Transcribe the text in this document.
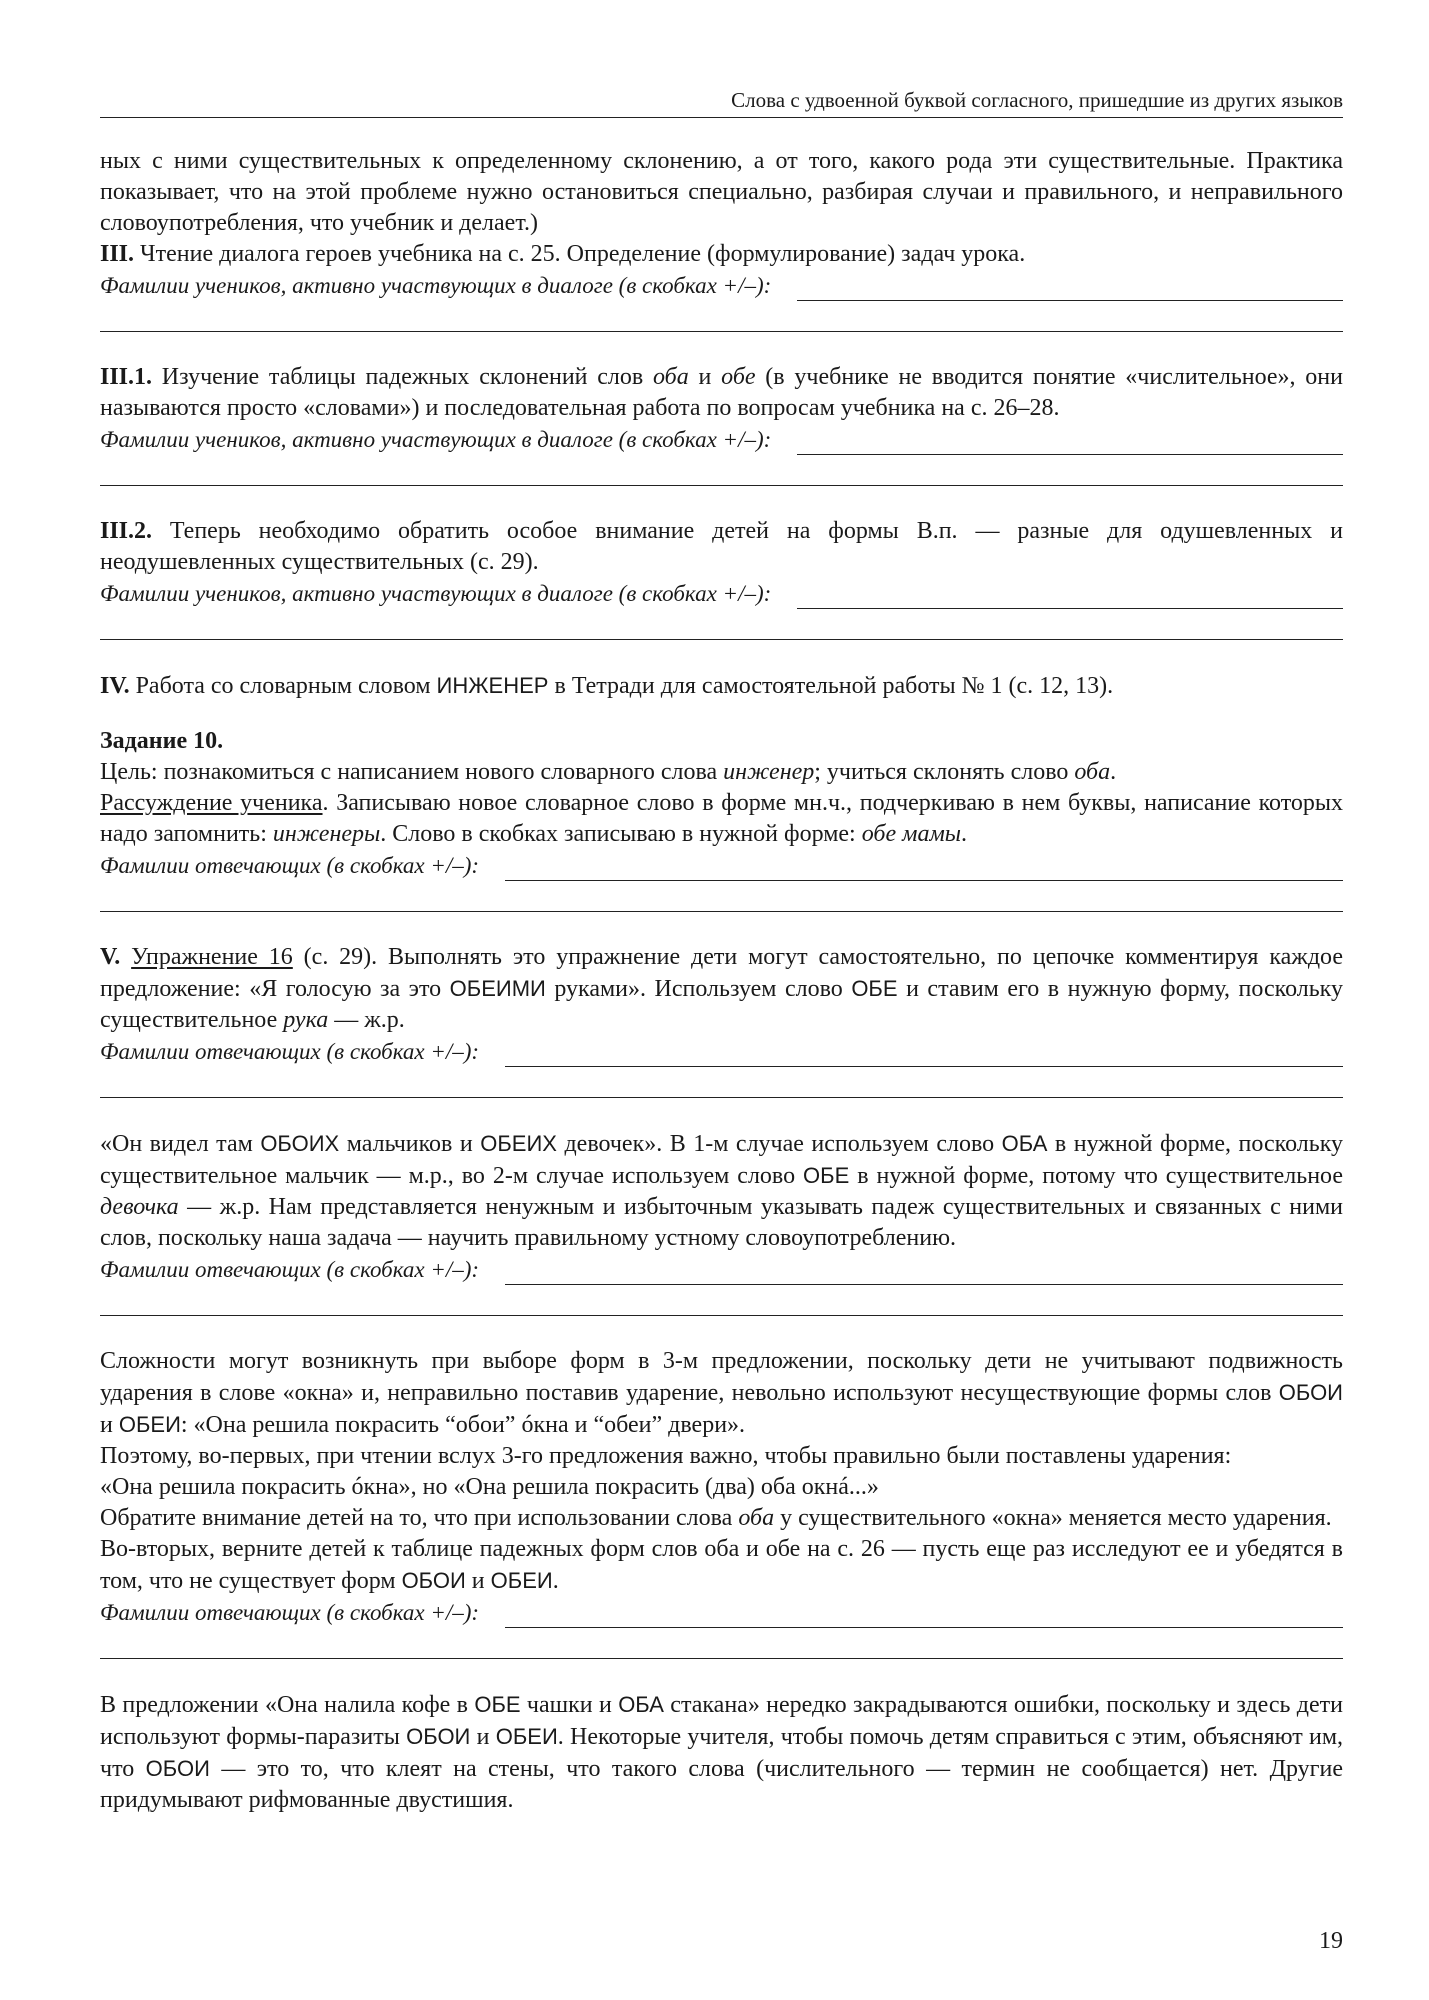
Слова с удвоенной буквой согласного, пришедшие из других языков

ных с ними существительных к определенному склонению, а от того, какого рода эти существительные. Практика показывает, что на этой проблеме нужно остановиться специально, разбирая случаи и правильного, и неправильного словоупотребления, что учебник и делает.)

III. Чтение диалога героев учебника на с. 25. Определение (формулирование) задач урока.

Фамилии учеников, активно участвующих в диалоге (в скобках +/–):

III.1. Изучение таблицы падежных склонений слов оба и обе (в учебнике не вводится понятие «числительное», они называются просто «словами») и последовательная работа по вопросам учебника на с. 26–28.

Фамилии учеников, активно участвующих в диалоге (в скобках +/–):

III.2. Теперь необходимо обратить особое внимание детей на формы В.п. — разные для одушевленных и неодушевленных существительных (с. 29).

Фамилии учеников, активно участвующих в диалоге (в скобках +/–):

IV. Работа со словарным словом ИНЖЕНЕР в Тетради для самостоятельной работы № 1 (с. 12, 13).

Задание 10.

Цель: познакомиться с написанием нового словарного слова инженер; учиться склонять слово оба.

Рассуждение ученика. Записываю новое словарное слово в форме мн.ч., подчеркиваю в нем буквы, написание которых надо запомнить: инженеры. Слово в скобках записываю в нужной форме: обе мамы.

Фамилии отвечающих (в скобках +/–):

V. Упражнение 16 (с. 29). Выполнять это упражнение дети могут самостоятельно, по цепочке комментируя каждое предложение: «Я голосую за это ОБЕИМИ руками». Используем слово ОБЕ и ставим его в нужную форму, поскольку существительное рука — ж.р.

Фамилии отвечающих (в скобках +/–):

«Он видел там ОБОИХ мальчиков и ОБЕИХ девочек». В 1-м случае используем слово ОБА в нужной форме, поскольку существительное мальчик — м.р., во 2-м случае используем слово ОБЕ в нужной форме, потому что существительное девочка — ж.р. Нам представляется ненужным и избыточным указывать падеж существительных и связанных с ними слов, поскольку наша задача — научить правильному устному словоупотреблению.

Фамилии отвечающих (в скобках +/–):

Сложности могут возникнуть при выборе форм в 3-м предложении, поскольку дети не учитывают подвижность ударения в слове «окна» и, неправильно поставив ударение, невольно используют несуществующие формы слов ОБОИ и ОБЕИ: «Она решила покрасить “обои” óкна и “обеи” двери».

Поэтому, во-первых, при чтении вслух 3-го предложения важно, чтобы правильно были поставлены ударения:

«Она решила покрасить óкна», но «Она решила покрасить (два) оба окнá...»

Обратите внимание детей на то, что при использовании слова оба у существительного «окна» меняется место ударения.

Во-вторых, верните детей к таблице падежных форм слов оба и обе на с. 26 — пусть еще раз исследуют ее и убедятся в том, что не существует форм ОБОИ и ОБЕИ.

Фамилии отвечающих (в скобках +/–):

В предложении «Она налила кофе в ОБЕ чашки и ОБА стакана» нередко закрадываются ошибки, поскольку и здесь дети используют формы-паразиты ОБОИ и ОБЕИ. Некоторые учителя, чтобы помочь детям справиться с этим, объясняют им, что ОБОИ — это то, что клеят на стены, что такого слова (числительного — термин не сообщается) нет. Другие придумывают рифмованные двустишия.

19
